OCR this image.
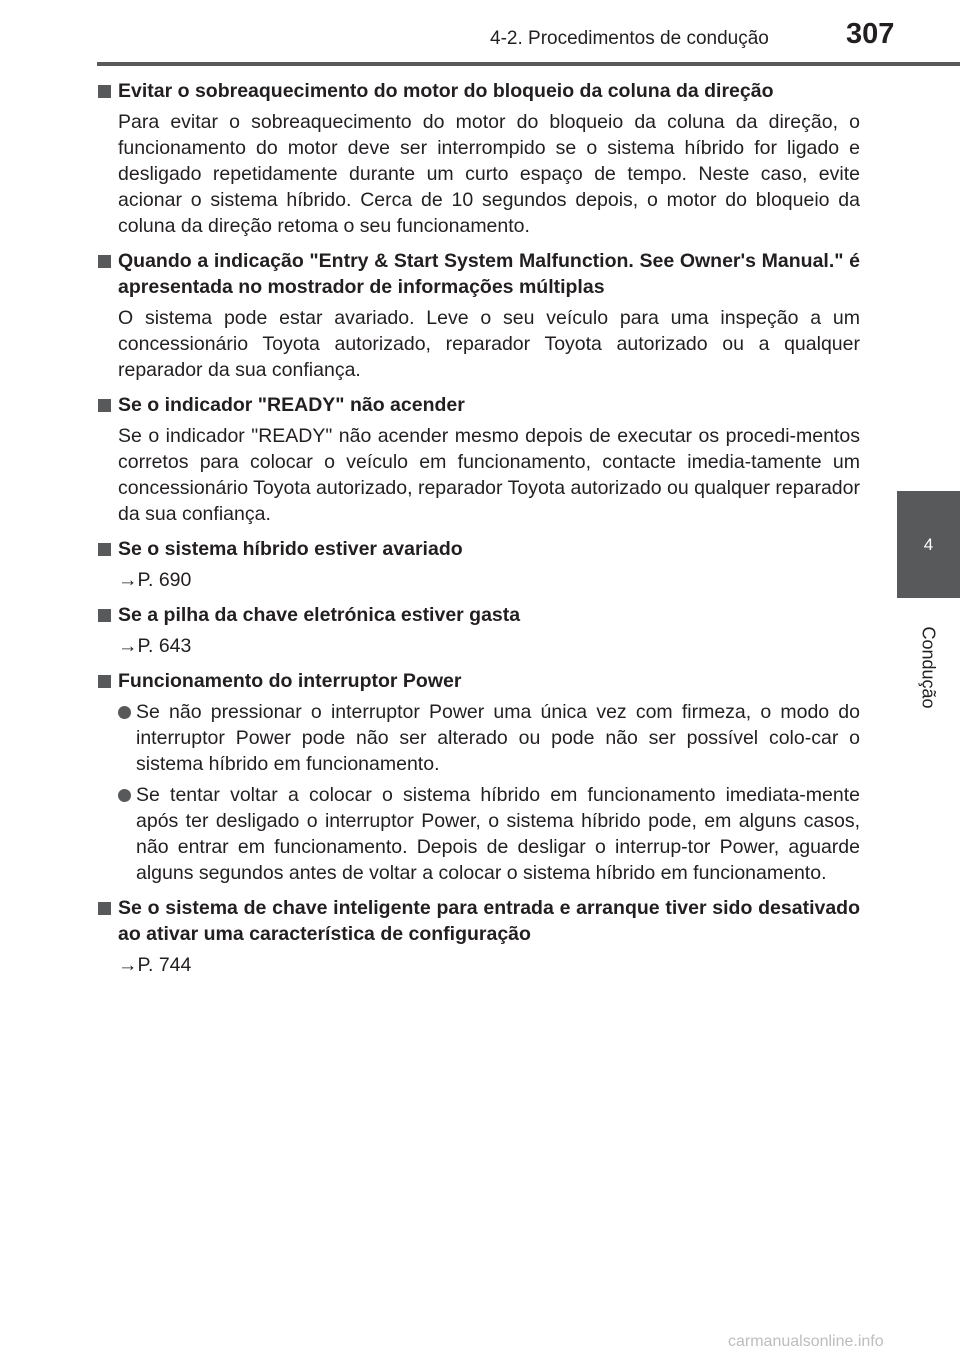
4-2. Procedimentos de condução	307
4
Condução
Evitar o sobreaquecimento do motor do bloqueio da coluna da direção
Para evitar o sobreaquecimento do motor do bloqueio da coluna da direção, o funcionamento do motor deve ser interrompido se o sistema híbrido for ligado e desligado repetidamente durante um curto espaço de tempo. Neste caso, evite acionar o sistema híbrido. Cerca de 10 segundos depois, o motor do bloqueio da coluna da direção retoma o seu funcionamento.
Quando a indicação "Entry & Start System Malfunction. See Owner's Manual." é apresentada no mostrador de informações múltiplas
O sistema pode estar avariado. Leve o seu veículo para uma inspeção a um concessionário Toyota autorizado, reparador Toyota autorizado ou a qualquer reparador da sua confiança.
Se o indicador "READY" não acender
Se o indicador "READY" não acender mesmo depois de executar os procedi-mentos corretos para colocar o veículo em funcionamento, contacte imedia-tamente um concessionário Toyota autorizado, reparador Toyota autorizado ou qualquer reparador da sua confiança.
Se o sistema híbrido estiver avariado
→P. 690
Se a pilha da chave eletrónica estiver gasta
→P. 643
Funcionamento do interruptor Power
Se não pressionar o interruptor Power uma única vez com firmeza, o modo do interruptor Power pode não ser alterado ou pode não ser possível colo-car o sistema híbrido em funcionamento.
Se tentar voltar a colocar o sistema híbrido em funcionamento imediata-mente após ter desligado o interruptor Power, o sistema híbrido pode, em alguns casos, não entrar em funcionamento. Depois de desligar o interrup-tor Power, aguarde alguns segundos antes de voltar a colocar o sistema híbrido em funcionamento.
Se o sistema de chave inteligente para entrada e arranque tiver sido desativado ao ativar uma característica de configuração
→P. 744
carmanualsonline.info
